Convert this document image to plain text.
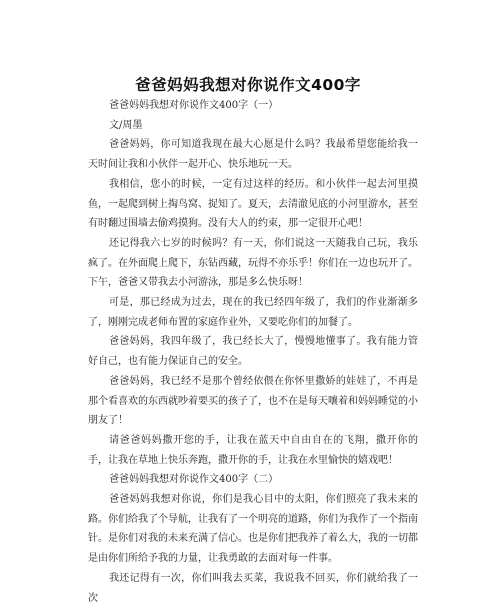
爸爸妈妈我想对你说作文400字

爸爸妈妈我想对你说作文400字（一）

文/周墨

爸爸妈妈，你可知道我现在最大心愿是什么吗？我最希望您能给我一天时间让我和小伙伴一起开心、快乐地玩一天。

我相信，您小的时候，一定有过这样的经历。和小伙伴一起去河里摸鱼，一起爬到树上掏鸟窝、捉知了。夏天，去清澈见底的小河里游水，甚至有时翻过围墙去偷鸡摸狗。没有大人的约束，那一定很开心吧！

还记得我六七岁的时候吗？有一天，你们说这一天随我自己玩，我乐疯了。在外面爬上爬下，东钻西藏，玩得不亦乐乎！你们在一边也玩开了。下午，爸爸又带我去小河游泳，那是多么快乐呀！

可是，那已经成为过去，现在的我已经四年级了，我们的作业渐渐多了，刚刚完成老师布置的家庭作业外，又要吃你们的加餐了。

爸爸妈妈，我四年级了，我已经长大了，慢慢地懂事了。我有能力管好自己，也有能力保证自己的安全。

爸爸妈妈，我已经不是那个曾经依偎在你怀里撒娇的娃娃了，不再是那个看喜欢的东西就吵着要买的孩子了，也不在是每天嚷着和妈妈睡觉的小朋友了！

请爸爸妈妈撒开您的手，让我在蓝天中自由自在的飞翔，撒开你的手，让我在草地上快乐奔跑，撒开你的手，让我在水里愉快的嬉戏吧！

爸爸妈妈我想对你说作文400字（二）

爸爸妈妈我想对你说，你们是我心目中的太阳，你们照亮了我未来的路。你们给我了个导航，让我有了一个明亮的道路，你们为我作了一个指南针。是你们对我的未来充满了信心。也是你们把我养了着么大，我的一切都是由你们所给予我的力量，让我勇敢的去面对每一件事。

我还记得有一次，你们叫我去买菜，我说我不回买，你们就给我了一次
